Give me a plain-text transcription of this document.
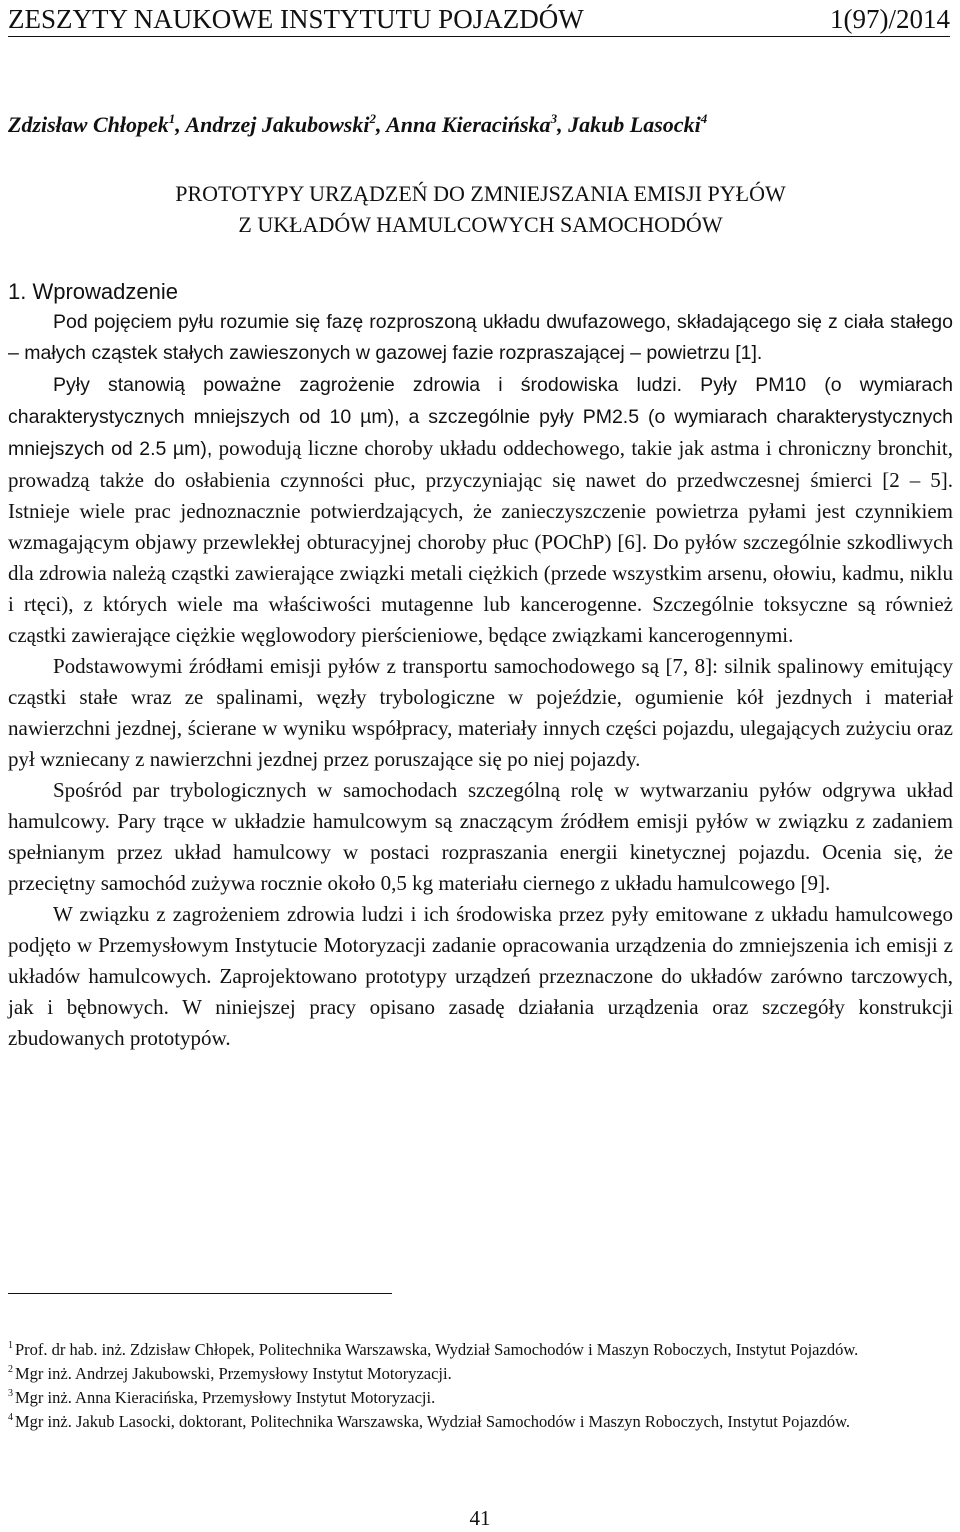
ZESZYTY NAUKOWE INSTYTUTU POJAZDÓW	1(97)/2014
Zdzisław Chłopek$^1$, Andrzej Jakubowski$^2$, Anna Kieracińska$^3$, Jakub Lasocki$^4$
PROTOTYPY URZĄDZEŃ DO ZMNIEJSZANIA EMISJI PYŁÓW
Z UKŁADÓW HAMULCOWYCH SAMOCHODÓW
1. Wprowadzenie

Pod pojęciem pyłu rozumie się fazę rozproszoną układu dwufazowego, składającego się z ciała stałego – małych cząstek stałych zawieszonych w gazowej fazie rozpraszającej – powietrzu [1].

Pyły stanowią poważne zagrożenie zdrowia i środowiska ludzi. Pyły PM10 (o wymiarach charakterystycznych mniejszych od 10 µm), a szczególnie pyły PM2.5 (o wymiarach charakterystycznych mniejszych od 2.5 µm), powodują liczne choroby układu oddechowego, takie jak astma i chroniczny bronchit, prowadzą także do osłabienia czynności płuc, przyczyniając się nawet do przedwczesnej śmierci [2 – 5]. Istnieje wiele prac jednoznacznie potwierdzających, że zanieczyszczenie powietrza pyłami jest czynnikiem wzmagającym objawy przewlekłej obturacyjnej choroby płuc (POChP) [6]. Do pyłów szczególnie szkodliwych dla zdrowia należą cząstki zawierające związki metali ciężkich (przede wszystkim arsenu, ołowiu, kadmu, niklu i rtęci), z których wiele ma właściwości mutagenne lub kancerogenne. Szczególnie toksyczne są również cząstki zawierające ciężkie węglowodory pierścieniowe, będące związkami kancerogennymi.

Podstawowymi źródłami emisji pyłów z transportu samochodowego są [7, 8]: silnik spalinowy emitujący cząstki stałe wraz ze spalinami, węzły trybologiczne w pojeździe, ogumienie kół jezdnych i materiał nawierzchni jezdnej, ścierane w wyniku współpracy, materiały innych części pojazdu, ulegających zużyciu oraz pył wzniecany z nawierzchni jezdnej przez poruszające się po niej pojazdy.

Spośród par trybologicznych w samochodach szczególną rolę w wytwarzaniu pyłów odgrywa układ hamulcowy. Pary trące w układzie hamulcowym są znaczącym źródłem emisji pyłów w związku z zadaniem spełnianym przez układ hamulcowy w postaci rozpraszania energii kinetycznej pojazdu. Ocenia się, że przeciętny samochód zużywa rocznie około 0,5 kg materiału ciernego z układu hamulcowego [9].

W związku z zagrożeniem zdrowia ludzi i ich środowiska przez pyły emitowane z układu hamulcowego podjęto w Przemysłowym Instytucie Motoryzacji zadanie opracowania urządzenia do zmniejszenia ich emisji z układów hamulcowych. Zaprojektowano prototypy urządzeń przeznaczone do układów zarówno tarczowych, jak i bębnowych. W niniejszej pracy opisano zasadę działania urządzenia oraz szczegóły konstrukcji zbudowanych prototypów.

$^1$ Prof. dr hab. inż. Zdzisław Chłopek, Politechnika Warszawska, Wydział Samochodów i Maszyn Roboczych, Instytut Pojazdów.

$^2$ Mgr inż. Andrzej Jakubowski, Przemysłowy Instytut Motoryzacji.

$^3$ Mgr inż. Anna Kieracińska, Przemysłowy Instytut Motoryzacji.

$^4$ Mgr inż. Jakub Lasocki, doktorant, Politechnika Warszawska, Wydział Samochodów i Maszyn Roboczych, Instytut Pojazdów.

41
